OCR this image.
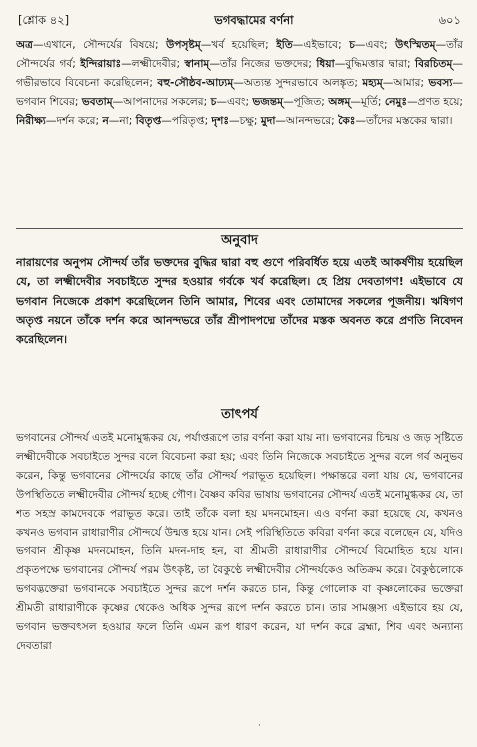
[শ্লোক ৪২]	ভগবদ্ধামের বর্ণনা	৬০১
অত্র—এখানে, সৌন্দর্যের বিষয়ে; উপসৃষ্টম্—খর্ব হয়েছিল; ইতি—এইভাবে; চ—এবং; উৎস্মিতম্—তাঁর সৌন্দর্যের গর্ব; ইন্দিরায়াঃ—লক্ষ্মীদেবীর; স্বানাম্—তাঁর নিজের ভক্তদের; ধিয়া—বুদ্ধিমত্তার দ্বারা; বিরচিতম্—গভীরভাবে বিবেচনা করেছিলেন; বহু-সৌষ্ঠব-আঢ্যম্—অত্যন্ত সুন্দরভাবে অলঙ্কৃত; মহ্যম্—আমার; ভবস্য—ভগবান শিবের; ভবতাম্—আপনাদের সকলের; চ—এবং; ভজন্তম্—পূজিত; অঙ্গম্—মূর্তি; নেমুঃ—প্রণত হয়ে; নিরীক্ষ্য—দর্শন করে; ন—না; বিতৃপ্ত—পরিতৃপ্ত; দৃশঃ—চক্ষু; মুদা—আনন্দভরে; কৈঃ—তাঁদের মস্তকের দ্বারা।
অনুবাদ
নারায়ণের অনুপম সৌন্দর্য তাঁর ভক্তদের বুদ্ধির দ্বারা বহু গুণে পরিবর্ধিত হয়ে এতই আকর্ষণীয় হয়েছিল যে, তা লক্ষ্মীদেবীর সবচাইতে সুন্দর হওয়ার গর্বকে খর্ব করেছিল। হে প্রিয় দেবতাগণ! এইভাবে যে ভগবান নিজেকে প্রকাশ করেছিলেন তিনি আমার, শিবের এবং তোমাদের সকলের পূজনীয়। ঋষিগণ অতৃপ্ত নয়নে তাঁকে দর্শন করে আনন্দভরে তাঁর শ্রীপাদপদ্মে তাঁদের মস্তক অবনত করে প্রণতি নিবেদন করেছিলেন।
তাৎপর্য
ভগবানের সৌন্দর্য এতই মনোমুগ্ধকর যে, পর্যাপ্তরূপে তার বর্ণনা করা যায় না। ভগবানের চিন্ময় ও জড় সৃষ্টিতে লক্ষ্মীদেবীকে সবচাইতে সুন্দর বলে বিবেচনা করা হয়; এবং তিনি নিজেকে সবচাইতে সুন্দর বলে গর্ব অনুভব করেন, কিন্তু ভগবানের সৌন্দর্যের কাছে তাঁর সৌন্দর্য পরাভূত হয়েছিল। পক্ষান্তরে বলা যায় যে, ভগবানের উপস্থিতিতে লক্ষ্মীদেবীর সৌন্দর্য হচ্ছে গৌণ। বৈষ্ণব কবির ভাষায় ভগবানের সৌন্দর্য এতই মনোমুগ্ধকর যে, তা শত সহস্র কামদেবকে পরাভূত করে। তাই তাঁকে বলা হয় মদনমোহন। এও বর্ণনা করা হয়েছে যে, কখনও কখনও ভগবান রাধারাণীর সৌন্দর্যে উন্মত্ত হয়ে যান। সেই পরিস্থিতিতে কবিরা বর্ণনা করে বলেছেন যে, যদিও ভগবান শ্রীকৃষ্ণ মদনমোহন, তিনি মদন-দাহ হন, বা শ্রীমতী রাধারাণীর সৌন্দর্যে বিমোহিত হয়ে যান। প্রকৃতপক্ষে ভগবানের সৌন্দর্য পরম উৎকৃষ্ট, তা বৈকুণ্ঠে লক্ষ্মীদেবীর সৌন্দর্যকেও অতিক্রম করে। বৈকুণ্ঠলোকে ভগবদ্ভক্তেরা ভগবানকে সবচাইতে সুন্দর রূপে দর্শন করতে চান, কিন্তু গোলোক বা কৃষ্ণলোকের ভক্তেরা শ্রীমতী রাধারাণীকে কৃষ্ণের থেকেও অধিক সুন্দর রূপে দর্শন করতে চান। তার সামঞ্জস্য এইভাবে হয় যে, ভগবান ভক্তবৎসল হওয়ার ফলে তিনি এমন রূপ ধারণ করেন, যা দর্শন করে ব্রহ্মা, শিব এবং অন্যান্য দেবতারা
·
